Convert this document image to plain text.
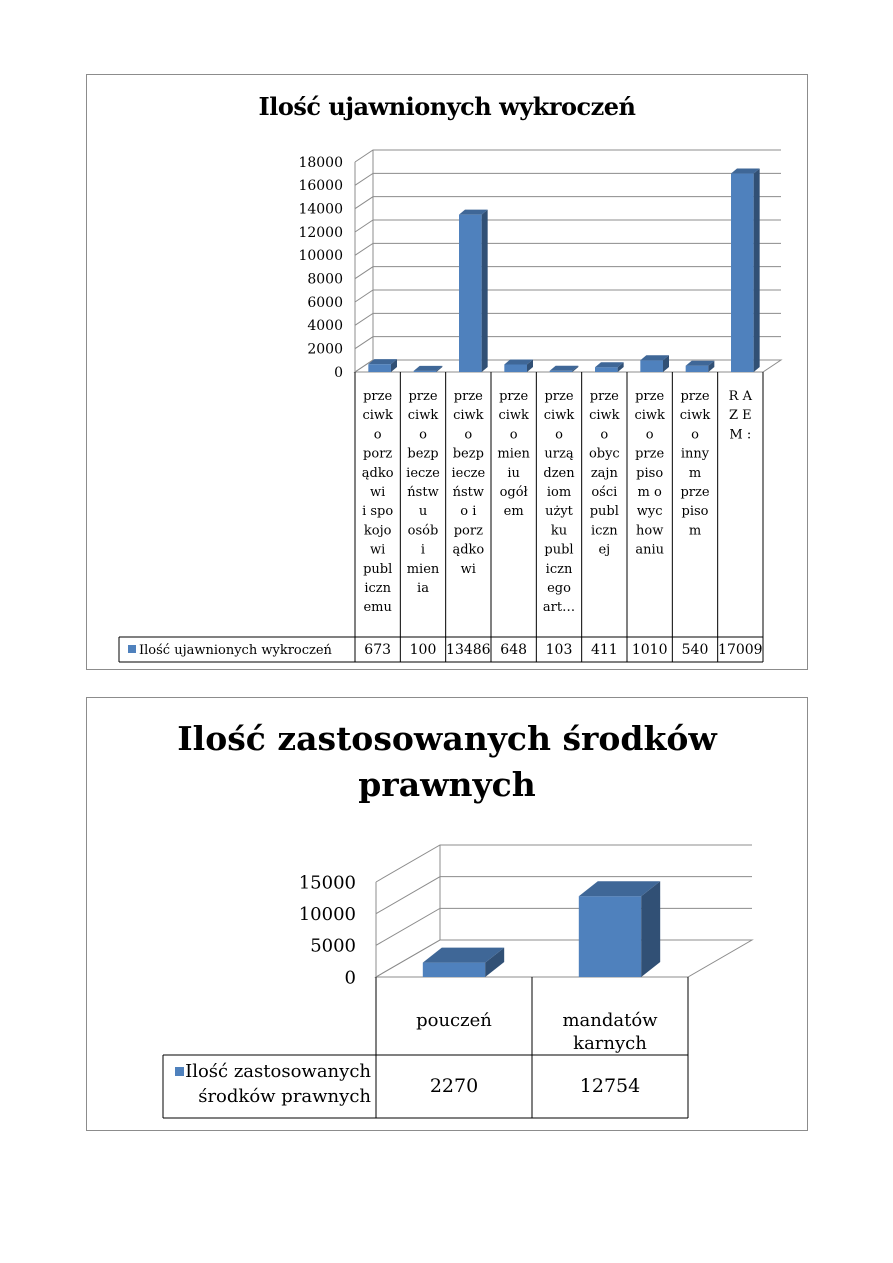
Ilość ujawnionych wykroczeń
0
2000
4000
6000
8000
10000
12000
14000
16000
18000
prze
ciwk
o
porz
ądko
wi
i spo
kojo
wi
publ
iczn
emu
prze
ciwk
o
bezp
iecze
ństw
u
osób
i
mien
ia
prze
ciwk
o
bezp
iecze
ństw
o i
porz
ądko
wi
prze
ciwk
o
mien
iu
ogół
em
prze
ciwk
o
urzą
dzen
iom
użyt
ku
publ
iczn
ego
art…
prze
ciwk
o
obyc
zajn
ości
publ
iczn
ej
prze
ciwk
o
prze
piso
m o
wyc
how
aniu
prze
ciwk
o
inny
m
prze
piso
m
R A
Z E
M :
673 100 13486 648 103 411 1010 540 17009
Ilość ujawnionych wykroczeń
Ilość zastosowanych środków prawnych
0
5000
10000
15000
pouczeń	mandatów
karnych
2270	12754
Ilość zastosowanych
środków prawnych
